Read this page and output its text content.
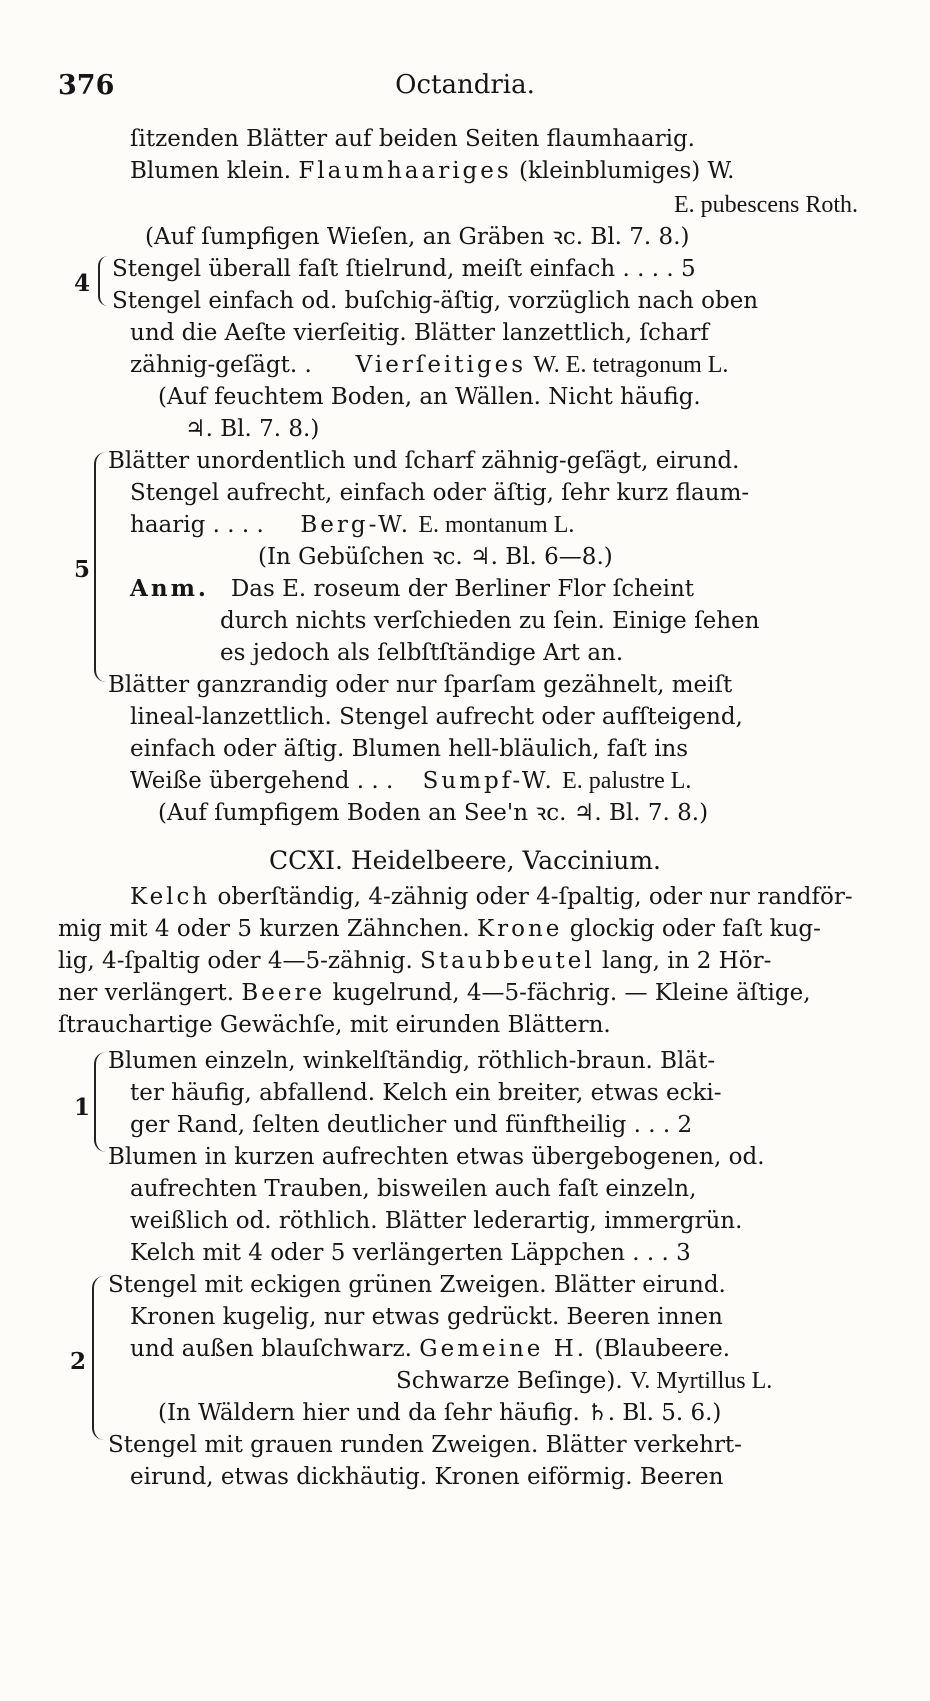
376	Octandria.
ſitzenden Blätter auf beiden Seiten flaumhaarig.
Blumen klein. Flaumhaariges (kleinblumiges) W.
E. pubescens Roth.
(Auf ſumpfigen Wieſen, an Gräben ꝛc. Bl. 7. 8.)
4
Stengel überall faſt ſtielrund, meiſt einfach . . . . 5
Stengel einfach od. buſchig-äſtig, vorzüglich nach oben
und die Aeſte vierſeitig. Blätter lanzettlich, ſcharf
zähnig-geſägt. . Vierſeitiges W. E. tetragonum L.
(Auf feuchtem Boden, an Wällen. Nicht häufig.
♃. Bl. 7. 8.)
5
Blätter unordentlich und ſcharf zähnig-geſägt, eirund.
Stengel aufrecht, einfach oder äſtig, ſehr kurz flaum-
haarig . . . . Berg-W. E. montanum L.
(In Gebüſchen ꝛc. ♃. Bl. 6—8.)
Anm. Das E. roseum der Berliner Flor ſcheint
durch nichts verſchieden zu ſein. Einige ſehen
es jedoch als ſelbſtſtändige Art an.
Blätter ganzrandig oder nur ſparſam gezähnelt, meiſt
lineal-lanzettlich. Stengel aufrecht oder aufſteigend,
einfach oder äſtig. Blumen hell-bläulich, faſt ins
Weiße übergehend . . . Sumpf-W. E. palustre L.
(Auf ſumpfigem Boden an See'n ꝛc. ♃. Bl. 7. 8.)
CCXI. Heidelbeere, Vaccinium.
Kelch oberſtändig, 4-zähnig oder 4-ſpaltig, oder nur randför-
mig mit 4 oder 5 kurzen Zähnchen. Krone glockig oder faſt kug-
lig, 4-ſpaltig oder 4—5-zähnig. Staubbeutel lang, in 2 Hör-
ner verlängert. Beere kugelrund, 4—5-fächrig. — Kleine äſtige,
ſtrauchartige Gewächſe, mit eirunden Blättern.
1
Blumen einzeln, winkelſtändig, röthlich-braun. Blät-
ter häufig, abfallend. Kelch ein breiter, etwas ecki-
ger Rand, ſelten deutlicher und fünftheilig . . . 2
Blumen in kurzen aufrechten etwas übergebogenen, od.
aufrechten Trauben, bisweilen auch faſt einzeln,
weißlich od. röthlich. Blätter lederartig, immergrün.
Kelch mit 4 oder 5 verlängerten Läppchen . . . 3
2
Stengel mit eckigen grünen Zweigen. Blätter eirund.
Kronen kugelig, nur etwas gedrückt. Beeren innen
und außen blauſchwarz. Gemeine H. (Blaubeere.
Schwarze Beſinge). V. Myrtillus L.
(In Wäldern hier und da ſehr häufig. ♄. Bl. 5. 6.)
Stengel mit grauen runden Zweigen. Blätter verkehrt-
eirund, etwas dickhäutig. Kronen eiförmig. Beeren
